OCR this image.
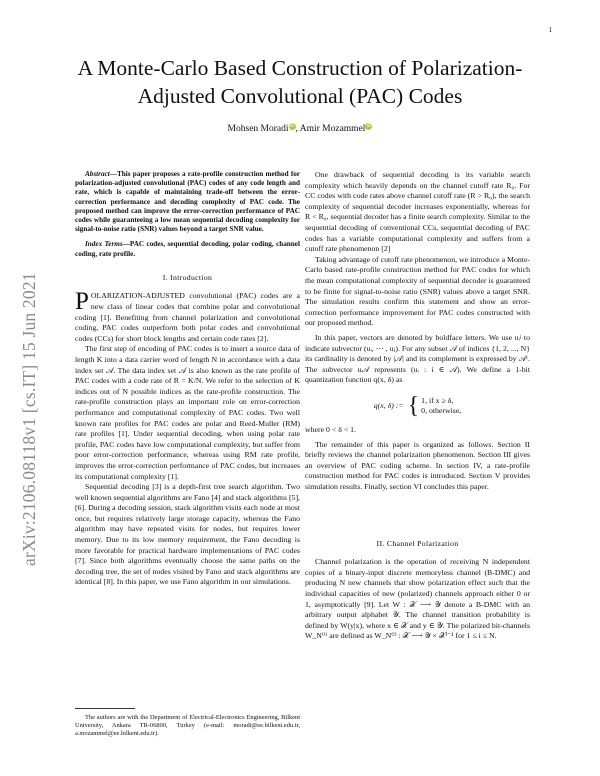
1
arXiv:2106.08118v1 [cs.IT] 15 Jun 2021
A Monte-Carlo Based Construction of Polarization-Adjusted Convolutional (PAC) Codes
Mohsen MoradiiD, Amir MozammeliD

Abstract—This paper proposes a rate-profile construction method for polarization-adjusted convolutional (PAC) codes of any code length and rate, which is capable of maintaining trade-off between the error-correction performance and decoding complexity of PAC code. The proposed method can improve the error-correction performance of PAC codes while guaranteeing a low mean sequential decoding complexity for signal-to-noise ratio (SNR) values beyond a target SNR value.

Index Terms—PAC codes, sequential decoding, polar coding, channel coding, rate profile.

I. Introduction

POLARIZATION-ADJUSTED convolutional (PAC) codes are a new class of linear codes that combine polar and convolutional coding [1]. Benefiting from channel polarization and convolutional coding, PAC codes outperform both polar codes and convolutional codes (CCs) for short block lengths and certain code rates [2].

The first step of encoding of PAC codes is to insert a source data of length K into a data carrier word of length N in accordance with a data index set 𝒜. The data index set 𝒜 is also known as the rate profile of PAC codes with a code rate of R = K/N. We refer to the selection of K indices out of N possible indices as the rate-profile construction. The rate-profile construction plays an important role on error-correction performance and computational complexity of PAC codes. Two well known rate profiles for PAC codes are polar and Reed-Muller (RM) rate profiles [1]. Under sequential decoding, when using polar rate profile, PAC codes have low computational complexity, but suffer from poor error-correction performance, whereas using RM rate profile, improves the error-correction performance of PAC codes, but increases its computational complexity [1].

Sequential decoding [3] is a depth-first tree search algorithm. Two well known sequential algorithms are Fano [4] and stack algorithms [5], [6]. During a decoding session, stack algorithm visits each node at most once, but requires relatively large storage capacity, whereas the Fano algorithm may have repeated visits for nodes, but requires lower memory. Due to its low memory requirement, the Fano decoding is more favorable for practical hardware implementations of PAC codes [7]. Since both algorithms eventually choose the same paths on the decoding tree, the set of nodes visited by Fano and stack algorithms are identical [8]. In this paper, we use Fano algorithm in our simulations.

The authors are with the Department of Electrical-Electronics Engineering, Bilkent University, Ankara TR-06800, Turkey (e-mail: moradi@ee.bilkent.edu.tr, a.mozammel@ee.bilkent.edu.tr).

One drawback of sequential decoding is its variable search complexity which heavily depends on the channel cutoff rate R₀. For CC codes with code rates above channel cutoff rate (R > R₀), the search complexity of sequential decoder increases exponentially, whereas for R < R₀, sequential decoder has a finite search complexity. Similar to the sequential decoding of conventional CCs, sequential decoding of PAC codes has a variable computational complexity and suffers from a cutoff rate phenomenon [2]

Taking advantage of cutoff rate phenomenon, we introduce a Monte-Carlo based rate-profile construction method for PAC codes for which the mean computational complexity of sequential decoder is guaranteed to be finite for signal-to-noise ratio (SNR) values above a target SNR. The simulation results confirm this statement and show an error-correction performance improvement for PAC codes constructed with our proposed method.

In this paper, vectors are denoted by boldface letters. We use uᵢʲ to indicate subvector (uᵢ, ⋯ , uⱼ). For any subset 𝒜 of indices {1, 2, ..., N} its cardinality is denoted by |𝒜| and its complement is expressed by 𝒜ᶜ. The subvector u𝒜 represents (uᵢ : i ∈ 𝒜). We define a 1-bit quantization function q(x, δ) as

q(x, δ) := { 1, if x ≥ δ,
0, otherwise,

where 0 < δ < 1.

The remainder of this paper is organized as follows. Section II briefly reviews the channel polarization phenomenon. Section III gives an overview of PAC coding scheme. In section IV, a rate-profile construction method for PAC codes is introduced. Section V provides simulation results. Finally, section VI concludes this paper.

II. Channel Polarization

Channel polarization is the operation of receiving N independent copies of a binary-input discrete memoryless channel (B-DMC) and producing N new channels that show polarization effect such that the individual capacities of new (polarized) channels approach either 0 or 1, asymptotically [9]. Let W : 𝒳 ⟶ 𝒴 denote a B-DMC with an arbitrary output alphabet 𝒴. The channel transition probability is defined by W(y|x), where x ∈ 𝒳 and y ∈ 𝒴. The polarized bit-channels W_N⁽ⁱ⁾ are defined as W_N⁽ⁱ⁾ : 𝒳 ⟶ 𝒴 × 𝒳ⁱ⁻¹ for 1 ≤ i ≤ N.
